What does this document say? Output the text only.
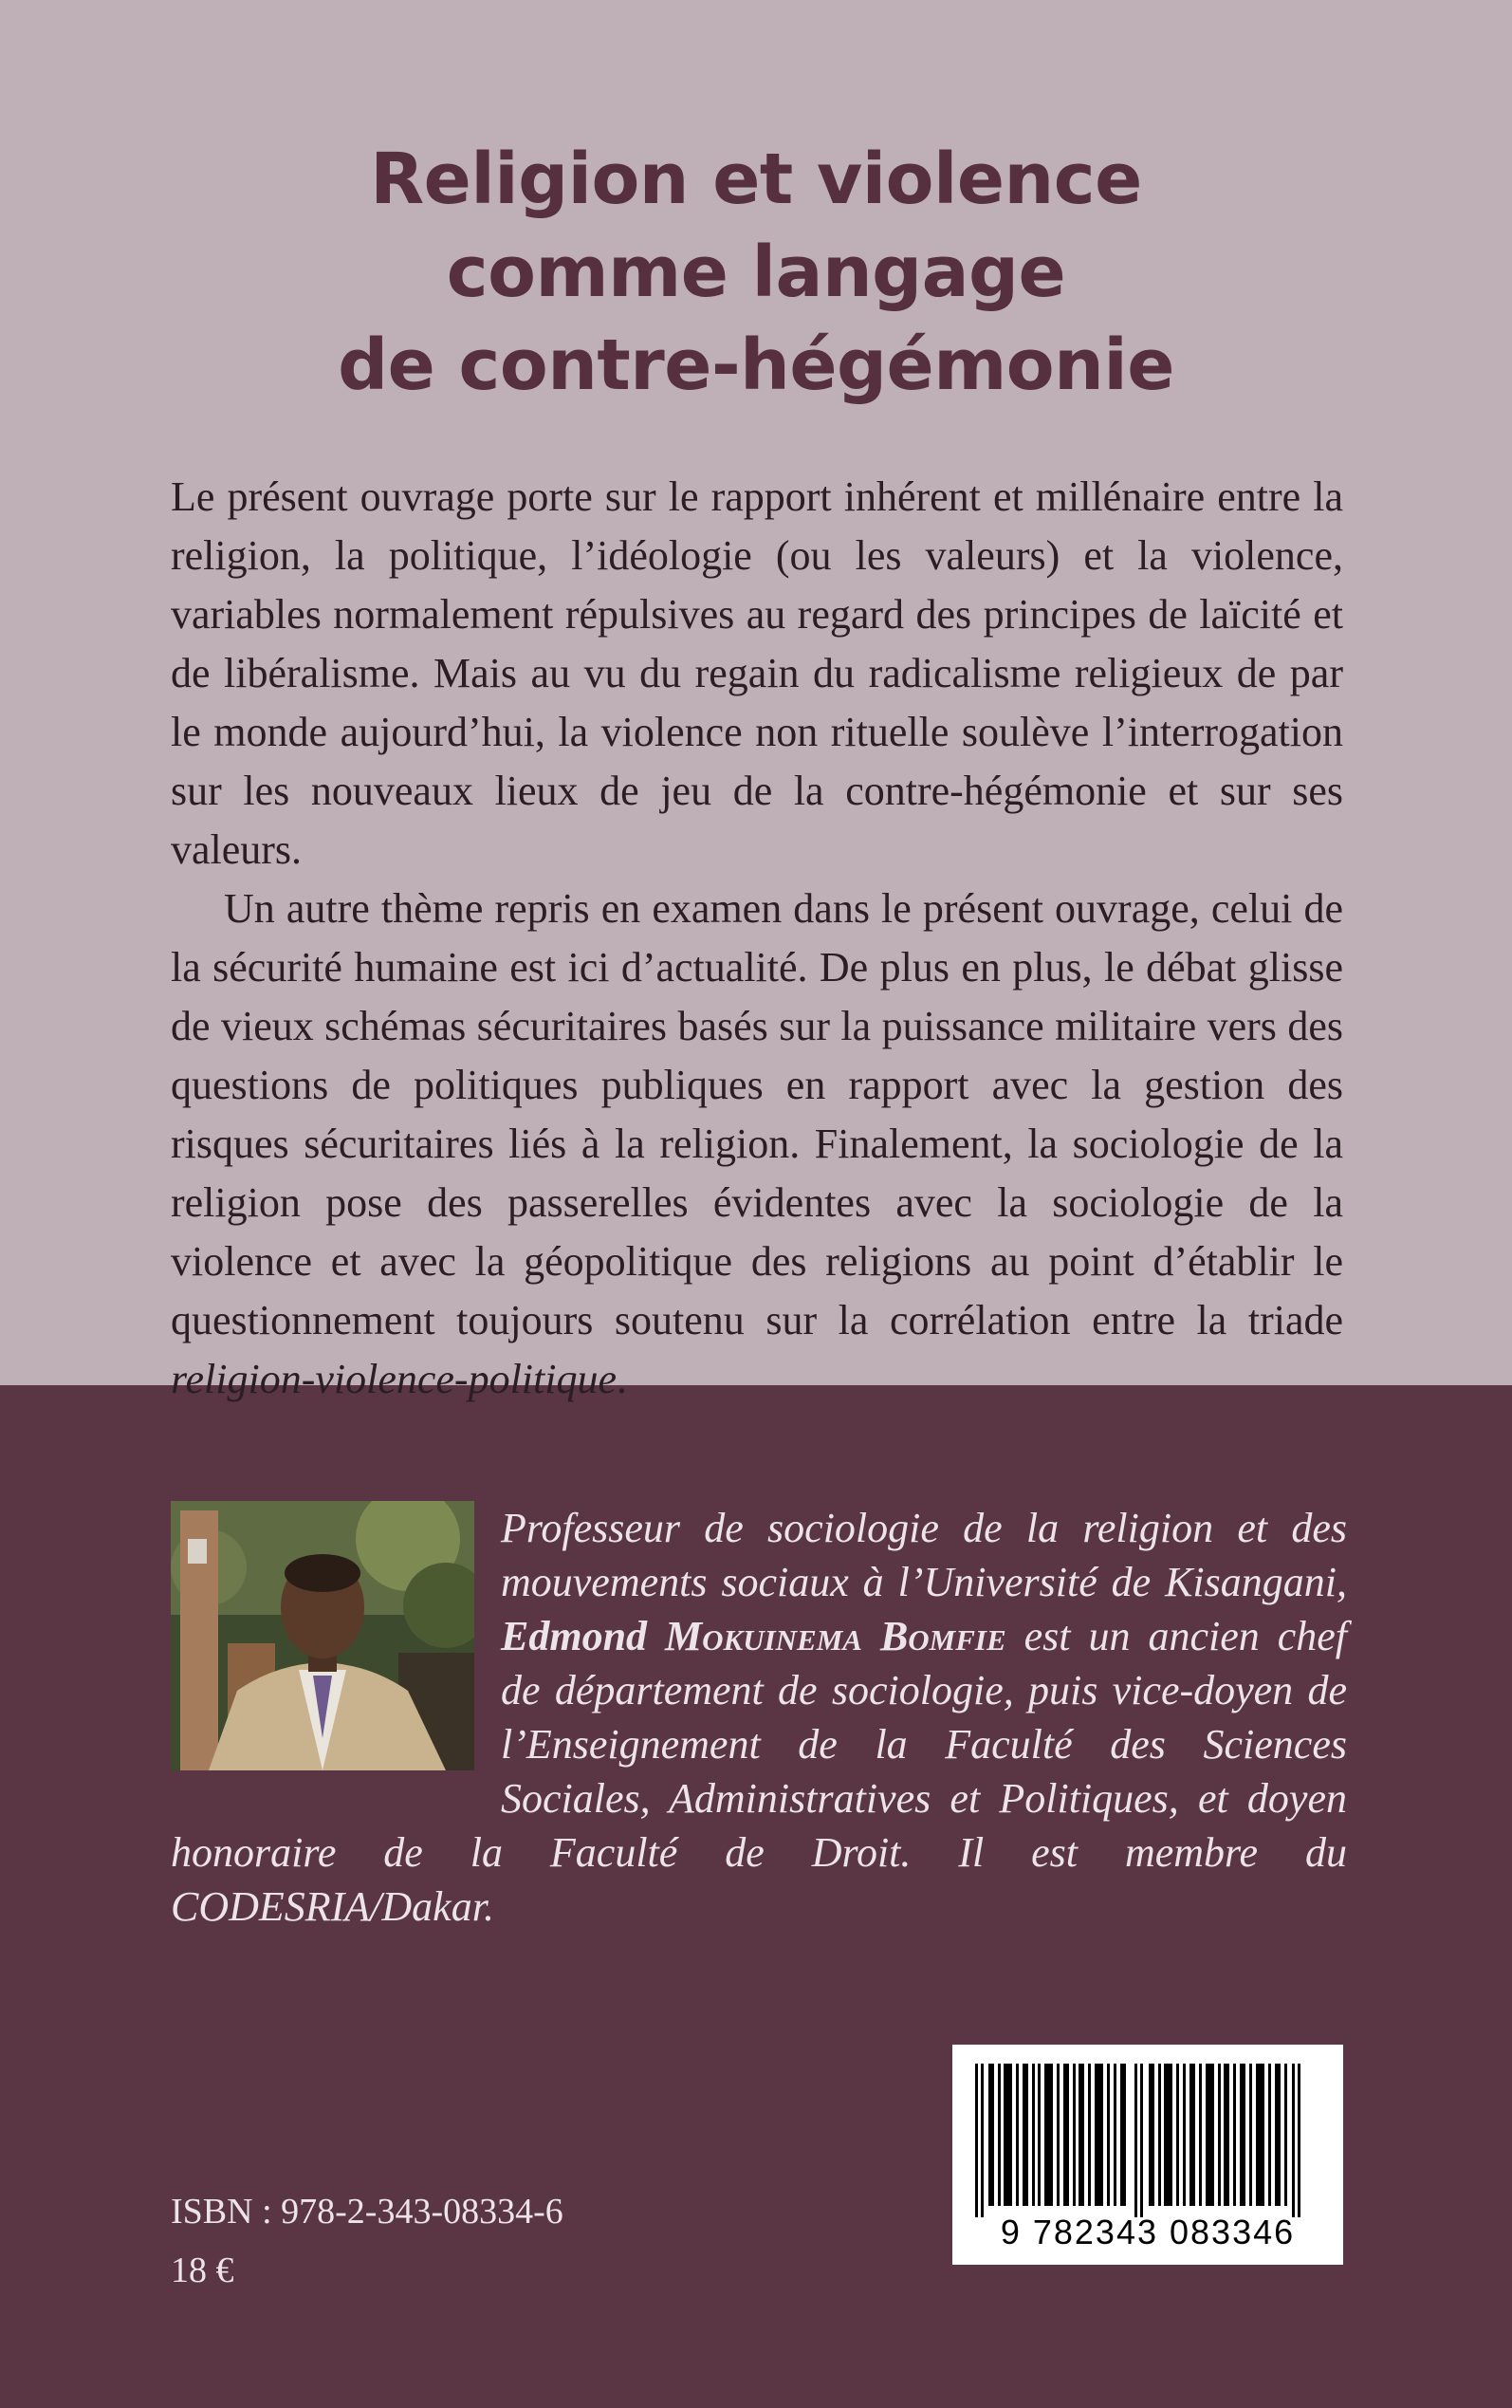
Religion et violence
comme langage
de contre-hégémonie

Le présent ouvrage porte sur le rapport inhérent et millénaire entre la religion, la politique, l’idéologie (ou les valeurs) et la violence, variables normalement répulsives au regard des principes de laïcité et de libéralisme. Mais au vu du regain du radicalisme religieux de par le monde aujourd’hui, la violence non rituelle soulève l’interrogation sur les nouveaux lieux de jeu de la contre-hégémonie et sur ses valeurs.

Un autre thème repris en examen dans le présent ouvrage, celui de la sécurité humaine est ici d’actualité. De plus en plus, le débat glisse de vieux schémas sécuritaires basés sur la puissance militaire vers des questions de politiques publiques en rapport avec la gestion des risques sécuritaires liés à la religion. Finalement, la sociologie de la religion pose des passerelles évidentes avec la sociologie de la violence et avec la géopolitique des religions au point d’établir le questionnement toujours soutenu sur la corrélation entre la triade religion-violence-politique.

Professeur de sociologie de la religion et des mouvements sociaux à l’Université de Kisangani, Edmond Mokuinema Bomfie est un ancien chef de département de sociologie, puis vice-doyen de l’Enseignement de la Faculté des Sciences Sociales, Administratives et Politiques, et doyen honoraire de la Faculté de Droit. Il est membre du CODESRIA/Dakar.
9 782343 083346
ISBN : 978-2-343-08334-6
18 €
